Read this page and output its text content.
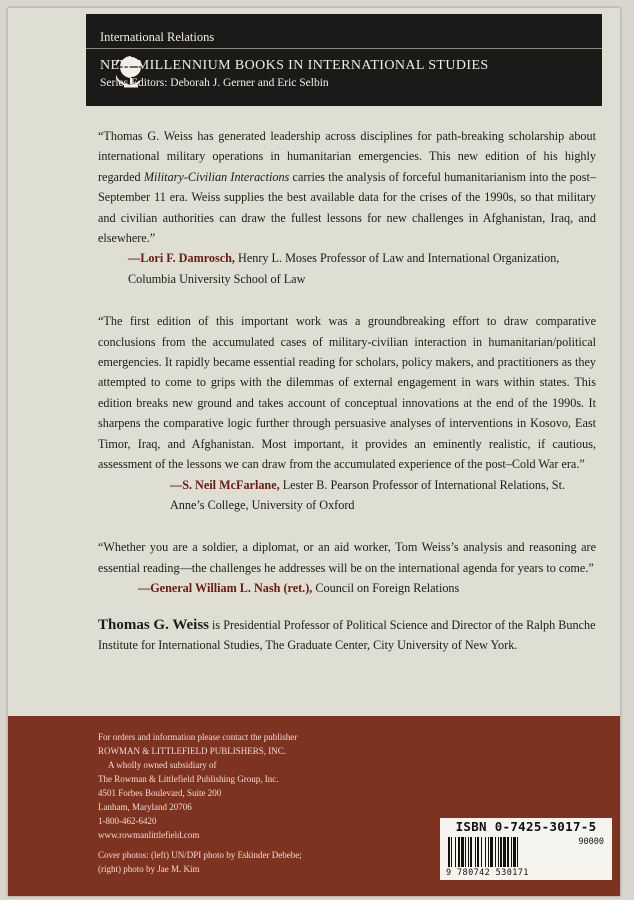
International Relations
NEW MILLENNIUM BOOKS IN INTERNATIONAL STUDIES
Series Editors: Deborah J. Gerner and Eric Selbin

“Thomas G. Weiss has generated leadership across disciplines for path-breaking scholarship about international military operations in humanitarian emergencies. This new edition of his highly regarded Military-Civilian Interactions carries the analysis of forceful humanitarianism into the post–September 11 era. Weiss supplies the best available data for the crises of the 1990s, so that military and civilian authorities can draw the fullest lessons for new challenges in Afghanistan, Iraq, and elsewhere.”

—Lori F. Damrosch, Henry L. Moses Professor of Law and International Organization, Columbia University School of Law

“The first edition of this important work was a groundbreaking effort to draw comparative conclusions from the accumulated cases of military-civilian interaction in humanitarian/political emergencies. It rapidly became essential reading for scholars, policy makers, and practitioners as they attempted to come to grips with the dilemmas of external engagement in wars within states. This edition breaks new ground and takes account of conceptual innovations at the end of the 1990s. It sharpens the comparative logic further through persuasive analyses of interventions in Kosovo, East Timor, Iraq, and Afghanistan. Most important, it provides an eminently realistic, if cautious, assessment of the lessons we can draw from the accumulated experience of the post–Cold War era.”

—S. Neil McFarlane, Lester B. Pearson Professor of International Relations, St. Anne’s College, University of Oxford

“Whether you are a soldier, a diplomat, or an aid worker, Tom Weiss’s analysis and reasoning are essential reading—the challenges he addresses will be on the international agenda for years to come.”

—General William L. Nash (ret.), Council on Foreign Relations

Thomas G. Weiss is Presidential Professor of Political Science and Director of the Ralph Bunche Institute for International Studies, The Graduate Center, City University of New York.

For orders and information please contact the publisher
ROWMAN & LITTLEFIELD PUBLISHERS, INC.
A wholly owned subsidiary of
The Rowman & Littlefield Publishing Group, Inc.
4501 Forbes Boulevard, Suite 200
Lanham, Maryland 20706
1-800-462-6420
www.rowmanlittlefield.com
Cover photos: (left) UN/DPI photo by Eskinder Debebe;
(right) photo by Jae M. Kim
ISBN 0-7425-3017-5
90000
9 780742 530171
